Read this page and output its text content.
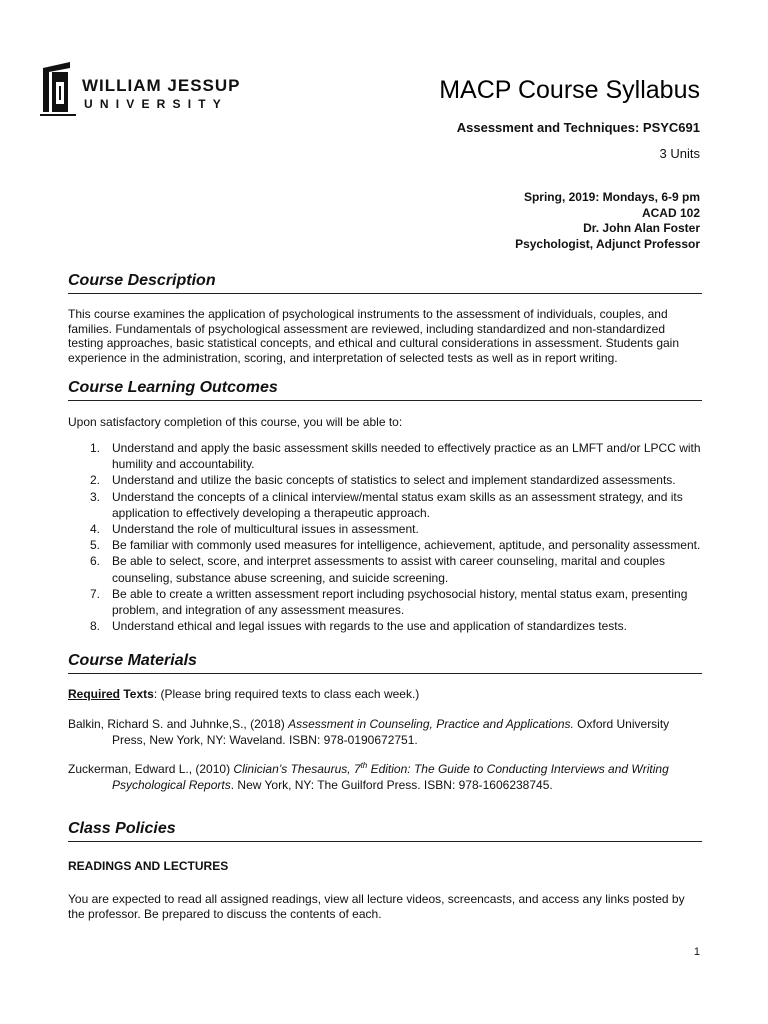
WILLIAM JESSUP
UNIVERSITY	MACP Course Syllabus
Assessment and Techniques: PSYC691
3 Units
Spring, 2019: Mondays, 6-9 pm
ACAD 102
Dr. John Alan Foster
Psychologist, Adjunct Professor
Course Description
This course examines the application of psychological instruments to the assessment of individuals, couples, and families. Fundamentals of psychological assessment are reviewed, including standardized and non-standardized testing approaches, basic statistical concepts, and ethical and cultural considerations in assessment. Students gain experience in the administration, scoring, and interpretation of selected tests as well as in report writing.
Course Learning Outcomes
Upon satisfactory completion of this course, you will be able to:
1. Understand and apply the basic assessment skills needed to effectively practice as an LMFT and/or LPCC with humility and accountability.
2. Understand and utilize the basic concepts of statistics to select and implement standardized assessments.
3. Understand the concepts of a clinical interview/mental status exam skills as an assessment strategy, and its application to effectively developing a therapeutic approach.
4. Understand the role of multicultural issues in assessment.
5. Be familiar with commonly used measures for intelligence, achievement, aptitude, and personality assessment.
6. Be able to select, score, and interpret assessments to assist with career counseling, marital and couples counseling, substance abuse screening, and suicide screening.
7. Be able to create a written assessment report including psychosocial history, mental status exam, presenting problem, and integration of any assessment measures.
8. Understand ethical and legal issues with regards to the use and application of standardizes tests.
Course Materials
Required Texts: (Please bring required texts to class each week.)
Balkin, Richard S. and Juhnke,S., (2018) Assessment in Counseling, Practice and Applications. Oxford University Press, New York, NY: Waveland. ISBN: 978-0190672751.
Zuckerman, Edward L., (2010) Clinician’s Thesaurus, 7th Edition: The Guide to Conducting Interviews and Writing Psychological Reports. New York, NY: The Guilford Press. ISBN: 978-1606238745.
Class Policies
READINGS AND LECTURES
You are expected to read all assigned readings, view all lecture videos, screencasts, and access any links posted by the professor. Be prepared to discuss the contents of each.
1
